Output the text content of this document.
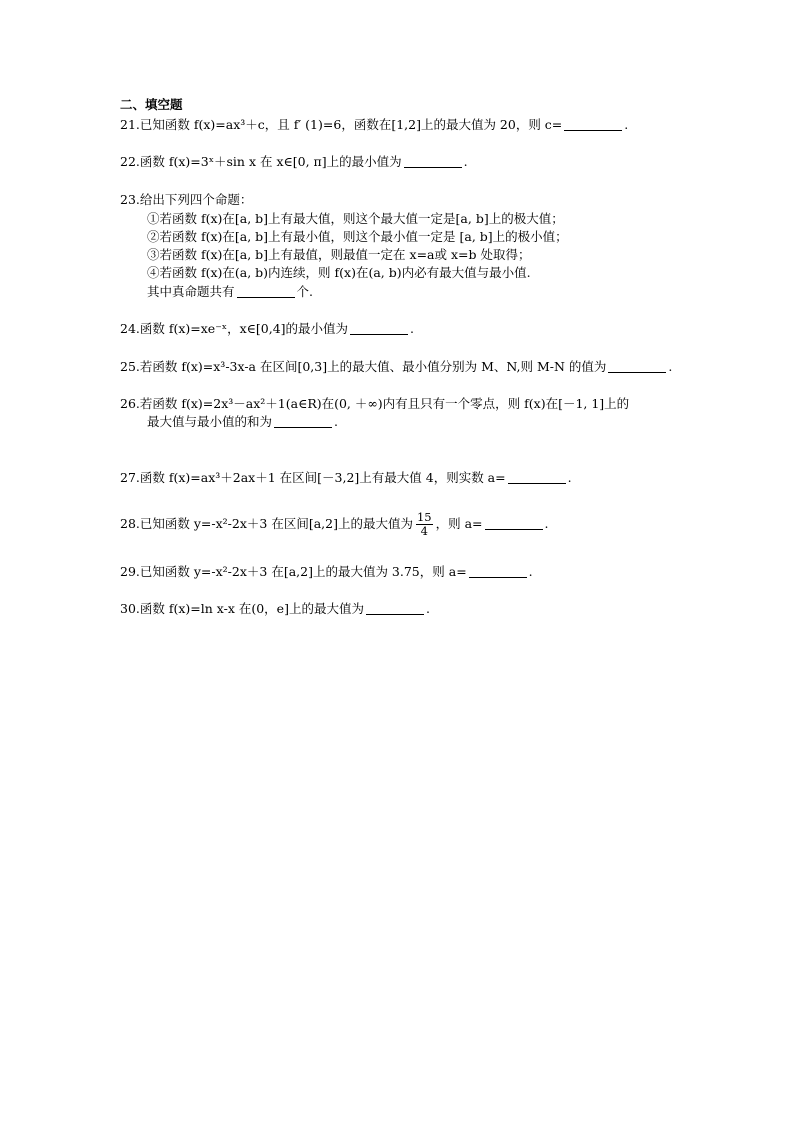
二、填空题
21.已知函数 f(x)=ax³＋c，且 f′ (1)=6，函数在[1,2]上的最大值为 20，则 c=	.
22.函数 f(x)=3ˣ＋sin x 在 x∈[0, π]上的最小值为	.
23.给出下列四个命题：
①若函数 f(x)在[a, b]上有最大值，则这个最大值一定是[a, b]上的极大值；
②若函数 f(x)在[a, b]上有最小值，则这个最小值一定是 [a, b]上的极小值；
③若函数 f(x)在[a, b]上有最值，则最值一定在 x=a或 x=b 处取得；
④若函数 f(x)在(a, b)内连续，则 f(x)在(a, b)内必有最大值与最小值.
其中真命题共有	个.
24.函数 f(x)=xe⁻ˣ，x∈[0,4]的最小值为	.
25.若函数 f(x)=x³-3x-a 在区间[0,3]上的最大值、最小值分别为 M、N,则 M-N 的值为	.
26.若函数 f(x)=2x³－ax²＋1(a∈R)在(0, ＋∞)内有且只有一个零点，则 f(x)在[－1, 1]上的
最大值与最小值的和为	.
27.函数 f(x)=ax³＋2ax＋1 在区间[－3,2]上有最大值 4，则实数 a=	.
28.已知函数 y=-x²-2x＋3 在区间[a,2]上的最大值为 $\frac{15}{4}$ ，则 a=	.
29.已知函数 y=-x²-2x＋3 在[a,2]上的最大值为 3.75，则 a=	.
30.函数 f(x)=ln x-x 在(0，e]上的最大值为	.
